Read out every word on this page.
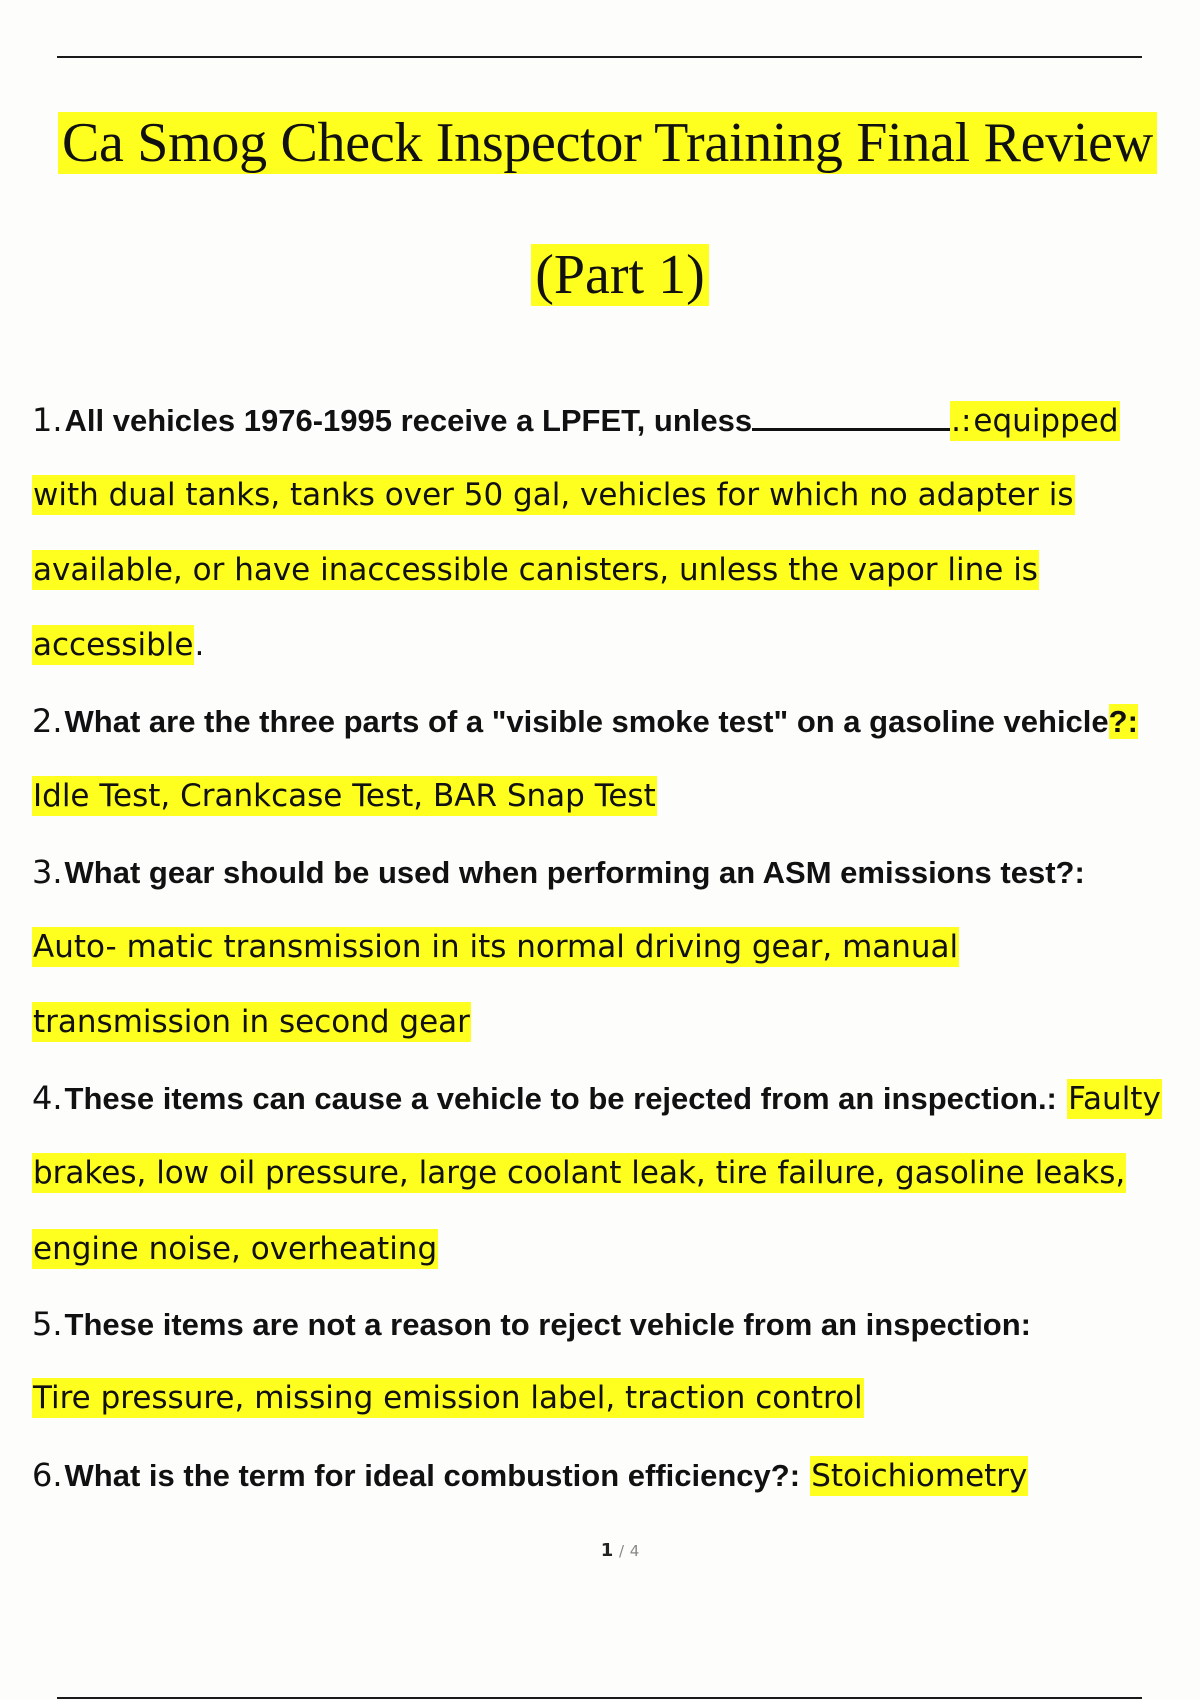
Ca Smog Check Inspector Training Final Review
(Part 1)
1.All vehicles 1976-1995 receive a LPFET, unless	.:equipped
with dual tanks, tanks over 50 gal, vehicles for which no adapter is
available, or have inaccessible canisters, unless the vapor line is
accessible.
2.What are the three parts of a "visible smoke test" on a gasoline vehicle?:
Idle Test, Crankcase Test, BAR Snap Test
3.What gear should be used when performing an ASM emissions test?:
Auto- matic transmission in its normal driving gear, manual
transmission in second gear
4.These items can cause a vehicle to be rejected from an inspection.: Faulty
brakes, low oil pressure, large coolant leak, tire failure, gasoline leaks,
engine noise, overheating
5.These items are not a reason to reject vehicle from an inspection:
Tire pressure, missing emission label, traction control
6.What is the term for ideal combustion efficiency?: Stoichiometry
1 / 4
